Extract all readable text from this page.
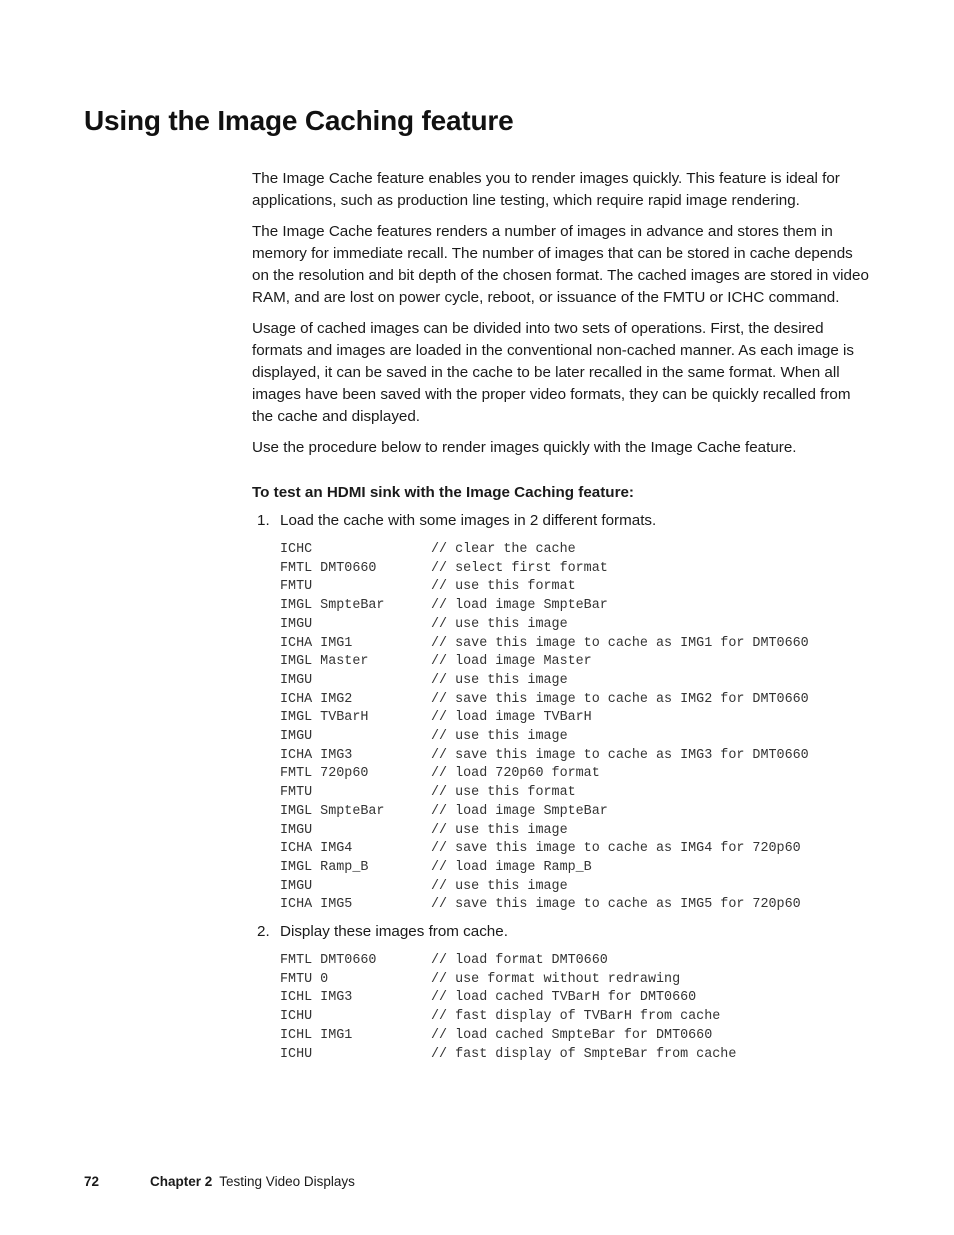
Using the Image Caching feature

The Image Cache feature enables you to render images quickly. This feature is ideal for applications, such as production line testing, which require rapid image rendering.

The Image Cache features renders a number of images in advance and stores them in memory for immediate recall. The number of images that can be stored in cache depends on the resolution and bit depth of the chosen format. The cached images are stored in video RAM, and are lost on power cycle, reboot, or issuance of the FMTU or ICHC command.

Usage of cached images can be divided into two sets of operations. First, the desired formats and images are loaded in the conventional non-cached manner. As each image is displayed, it can be saved in the cache to be later recalled in the same format. When all images have been saved with the proper video formats, they can be quickly recalled from the cache and displayed.

Use the procedure below to render images quickly with the Image Cache feature.

To test an HDMI sink with the Image Caching feature:

1. Load the cache with some images in 2 different formats.
ICHC	// clear the cache
FMTL DMT0660	// select first format
FMTU	// use this format
IMGL SmpteBar	// load image SmpteBar
IMGU	// use this image
ICHA IMG1	// save this image to cache as IMG1 for DMT0660
IMGL Master	// load image Master
IMGU	// use this image
ICHA IMG2	// save this image to cache as IMG2 for DMT0660
IMGL TVBarH	// load image TVBarH
IMGU	// use this image
ICHA IMG3	// save this image to cache as IMG3 for DMT0660
FMTL 720p60	// load 720p60 format
FMTU	// use this format
IMGL SmpteBar	// load image SmpteBar
IMGU	// use this image
ICHA IMG4	// save this image to cache as IMG4 for 720p60
IMGL Ramp_B	// load image Ramp_B
IMGU	// use this image
ICHA IMG5	// save this image to cache as IMG5 for 720p60
2. Display these images from cache.
FMTL DMT0660	// load format DMT0660
FMTU 0	// use format without redrawing
ICHL IMG3	// load cached TVBarH for DMT0660
ICHU	// fast display of TVBarH from cache
ICHL IMG1	// load cached SmpteBar for DMT0660
ICHU	// fast display of SmpteBar from cache
72	Chapter 2 Testing Video Displays
